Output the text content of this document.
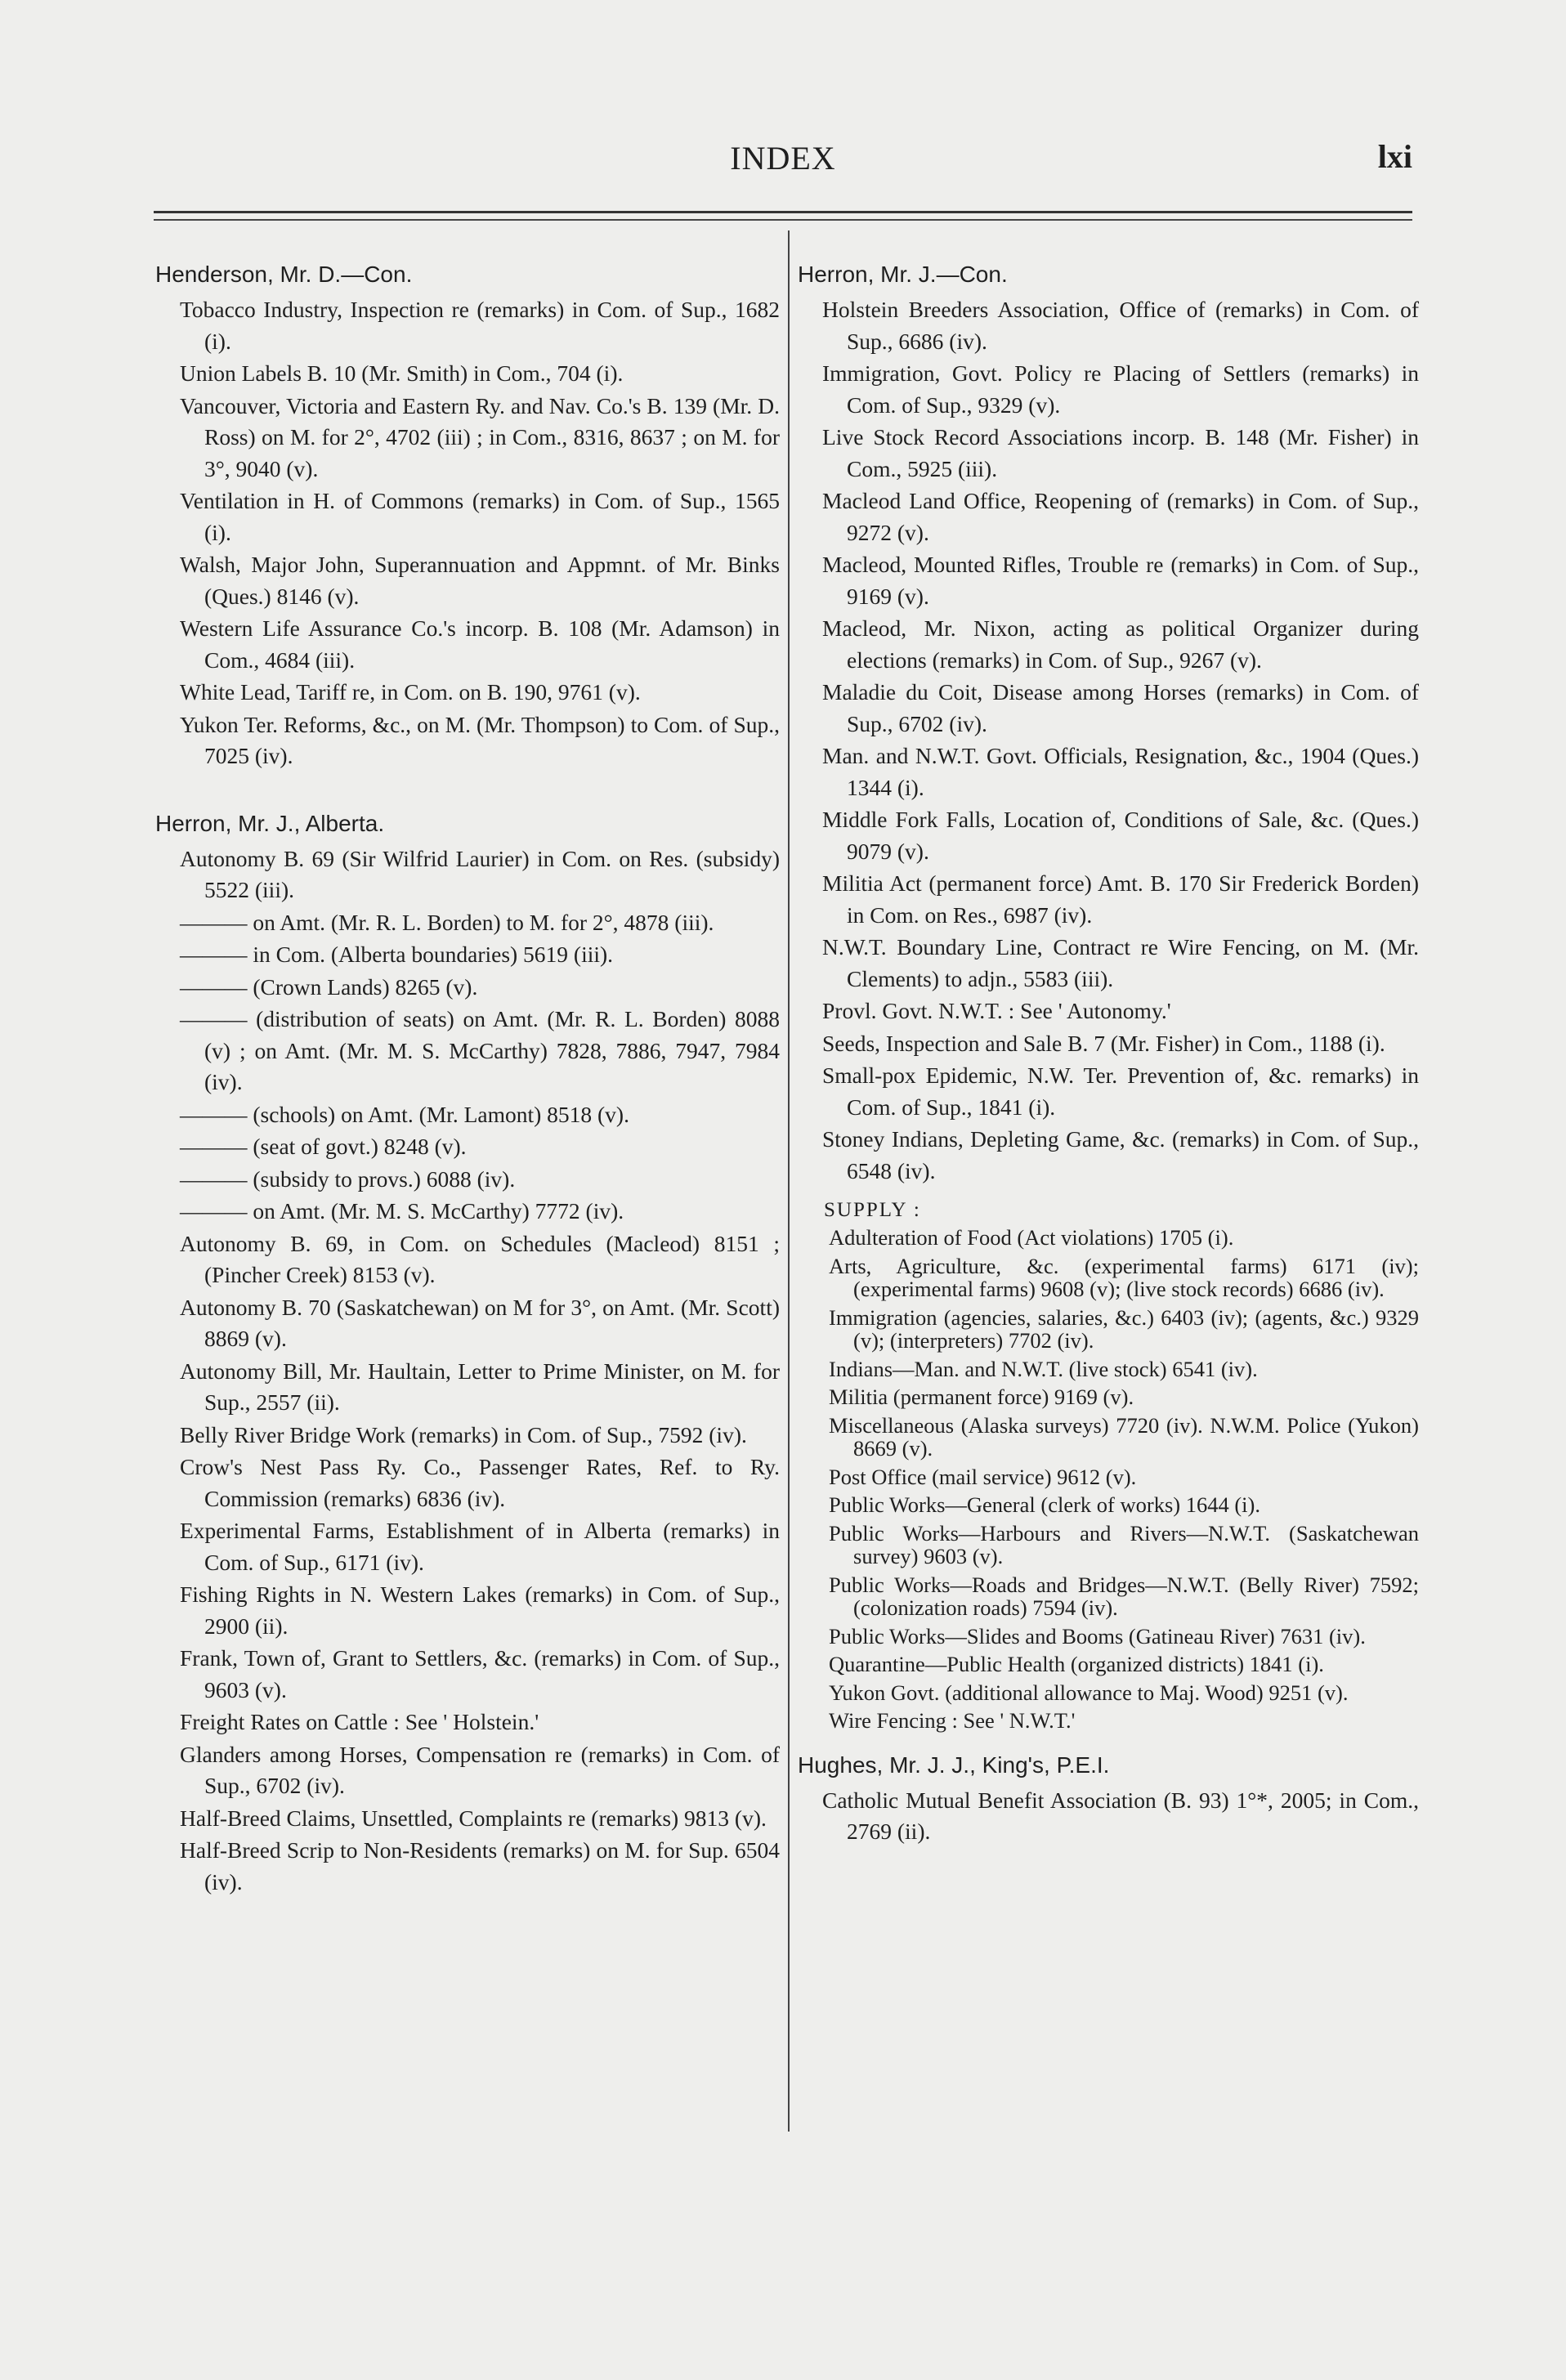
INDEX	lxi
Henderson, Mr. D.—Con.
Tobacco Industry, Inspection re (remarks) in Com. of Sup., 1682 (i).
Union Labels B. 10 (Mr. Smith) in Com., 704 (i).
Vancouver, Victoria and Eastern Ry. and Nav. Co.'s B. 139 (Mr. D. Ross) on M. for 2°, 4702 (iii) ; in Com., 8316, 8637 ; on M. for 3°, 9040 (v).
Ventilation in H. of Commons (remarks) in Com. of Sup., 1565 (i).
Walsh, Major John, Superannuation and Appmnt. of Mr. Binks (Ques.) 8146 (v).
Western Life Assurance Co.'s incorp. B. 108 (Mr. Adamson) in Com., 4684 (iii).
White Lead, Tariff re, in Com. on B. 190, 9761 (v).
Yukon Ter. Reforms, &c., on M. (Mr. Thompson) to Com. of Sup., 7025 (iv).
Herron, Mr. J., Alberta.
Autonomy B. 69 (Sir Wilfrid Laurier) in Com. on Res. (subsidy) 5522 (iii).
——— on Amt. (Mr. R. L. Borden) to M. for 2°, 4878 (iii).
——— in Com. (Alberta boundaries) 5619 (iii).
——— (Crown Lands) 8265 (v).
——— (distribution of seats) on Amt. (Mr. R. L. Borden) 8088 (v) ; on Amt. (Mr. M. S. McCarthy) 7828, 7886, 7947, 7984 (iv).
——— (schools) on Amt. (Mr. Lamont) 8518 (v).
——— (seat of govt.) 8248 (v).
——— (subsidy to provs.) 6088 (iv).
——— on Amt. (Mr. M. S. McCarthy) 7772 (iv).
Autonomy B. 69, in Com. on Schedules (Macleod) 8151 ; (Pincher Creek) 8153 (v).
Autonomy B. 70 (Saskatchewan) on M for 3°, on Amt. (Mr. Scott) 8869 (v).
Autonomy Bill, Mr. Haultain, Letter to Prime Minister, on M. for Sup., 2557 (ii).
Belly River Bridge Work (remarks) in Com. of Sup., 7592 (iv).
Crow's Nest Pass Ry. Co., Passenger Rates, Ref. to Ry. Commission (remarks) 6836 (iv).
Experimental Farms, Establishment of in Alberta (remarks) in Com. of Sup., 6171 (iv).
Fishing Rights in N. Western Lakes (remarks) in Com. of Sup., 2900 (ii).
Frank, Town of, Grant to Settlers, &c. (remarks) in Com. of Sup., 9603 (v).
Freight Rates on Cattle : See ' Holstein.'
Glanders among Horses, Compensation re (remarks) in Com. of Sup., 6702 (iv).
Half-Breed Claims, Unsettled, Complaints re (remarks) 9813 (v).
Half-Breed Scrip to Non-Residents (remarks) on M. for Sup. 6504 (iv).
Herron, Mr. J.—Con.
Holstein Breeders Association, Office of (remarks) in Com. of Sup., 6686 (iv).
Immigration, Govt. Policy re Placing of Settlers (remarks) in Com. of Sup., 9329 (v).
Live Stock Record Associations incorp. B. 148 (Mr. Fisher) in Com., 5925 (iii).
Macleod Land Office, Reopening of (remarks) in Com. of Sup., 9272 (v).
Macleod, Mounted Rifles, Trouble re (remarks) in Com. of Sup., 9169 (v).
Macleod, Mr. Nixon, acting as political Organizer during elections (remarks) in Com. of Sup., 9267 (v).
Maladie du Coit, Disease among Horses (remarks) in Com. of Sup., 6702 (iv).
Man. and N.W.T. Govt. Officials, Resignation, &c., 1904 (Ques.) 1344 (i).
Middle Fork Falls, Location of, Conditions of Sale, &c. (Ques.) 9079 (v).
Militia Act (permanent force) Amt. B. 170 Sir Frederick Borden) in Com. on Res., 6987 (iv).
N.W.T. Boundary Line, Contract re Wire Fencing, on M. (Mr. Clements) to adjn., 5583 (iii).
Provl. Govt. N.W.T. : See ' Autonomy.'
Seeds, Inspection and Sale B. 7 (Mr. Fisher) in Com., 1188 (i).
Small-pox Epidemic, N.W. Ter. Prevention of, &c. remarks) in Com. of Sup., 1841 (i).
Stoney Indians, Depleting Game, &c. (remarks) in Com. of Sup., 6548 (iv).
SUPPLY :
Adulteration of Food (Act violations) 1705 (i).
Arts, Agriculture, &c. (experimental farms) 6171 (iv); (experimental farms) 9608 (v); (live stock records) 6686 (iv).
Immigration (agencies, salaries, &c.) 6403 (iv); (agents, &c.) 9329 (v); (interpreters) 7702 (iv).
Indians—Man. and N.W.T. (live stock) 6541 (iv).
Militia (permanent force) 9169 (v).
Miscellaneous (Alaska surveys) 7720 (iv). N.W.M. Police (Yukon) 8669 (v).
Post Office (mail service) 9612 (v).
Public Works—General (clerk of works) 1644 (i).
Public Works—Harbours and Rivers—N.W.T. (Saskatchewan survey) 9603 (v).
Public Works—Roads and Bridges—N.W.T. (Belly River) 7592; (colonization roads) 7594 (iv).
Public Works—Slides and Booms (Gatineau River) 7631 (iv).
Quarantine—Public Health (organized districts) 1841 (i).
Yukon Govt. (additional allowance to Maj. Wood) 9251 (v).
Wire Fencing : See ' N.W.T.'
Hughes, Mr. J. J., King's, P.E.I.
Catholic Mutual Benefit Association (B. 93) 1°*, 2005; in Com., 2769 (ii).
